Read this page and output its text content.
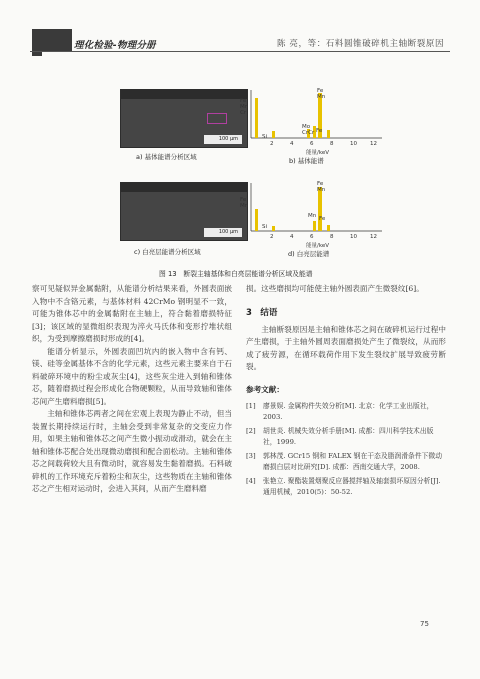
理化检验-物理分册	陈 亮，等：石料圆锥破碎机主轴断裂原因
100 μm
a) 基体能谱分析区域
Fe
Mn
Cr
Si
Mo
CrCr Fe
Fe
Mn
2	4	6	8	10 12
能量/keV
b) 基体能谱
100 μm
c) 白亮层能谱分析区域
Fe
Mn
Si
Mn Fe
Fe
Mn
2	4	6	8	10 12
能量/keV
d) 白亮层能谱
图 13　断裂主轴基体和白亮层能谱分析区域及能谱
察可见疑似异金属黏附，从能谱分析结果来看，外圆表面嵌入物中不含铬元素，与基体材料 42CrMo 钢明显不一致，可能为锥体芯中的金属黏附在主轴上，符合黏着磨损特征[3]；该区域的显微组织表现为淬火马氏体和变形拧堆状组织，为受到摩擦磨损时形成的[4]。
能谱分析显示，外圆表面凹坑内的嵌入物中含有钙、镁、硅等金属基体不含的化学元素，这些元素主要来自于石料破碎环境中的粉尘或灰尘[4]，这些灰尘进入到轴和锥体芯，随着磨损过程会形成化合物硬颗粒，从而导致轴和锥体芯间产生磨料磨损[5]。
主轴和锥体芯两者之间在宏观上表现为静止不动，但当装置长期持续运行时，主轴会受到非常复杂的交变应力作用，如果主轴和锥体芯之间产生微小振动或滑动，就会在主轴和锥体芯配合处出现微动磨损和配合面松动。主轴和锥体芯之间载荷较大且有微动时，就容易发生黏着磨损。石料破碎机的工作环境充斥着粉尘和灰尘，这些物质在主轴和锥体芯之产生相对运动时，会进入其间，从而产生磨料磨
损。这些磨损均可能使主轴外圆表面产生微裂纹[6]。
3　结语
主轴断裂原因是主轴和锥体芯之间在破碎机运行过程中产生磨损，于主轴外圆周表面磨损处产生了微裂纹，从而形成了疲劳源，在循环载荷作用下发生裂纹扩展导致疲劳断裂。
参考文献：
[1] 廖景娱. 金属构件失效分析[M]. 北京：化学工业出版社，2003.
[2] 胡世炎. 机械失效分析手册[M]. 成都：四川科学技术出版社，1999.
[3] 郭林茂. GCr15 钢和 FALEX 钢在干态及脂润滑条件下微动磨损白层对比研究[D]. 成都：西南交通大学，2008.
[4] 张艳立. 聚酯装置烟聚反应器搅拌轴及轴套损坏原因分析[J]. 通用机械，2010(5)：50-52.
75
